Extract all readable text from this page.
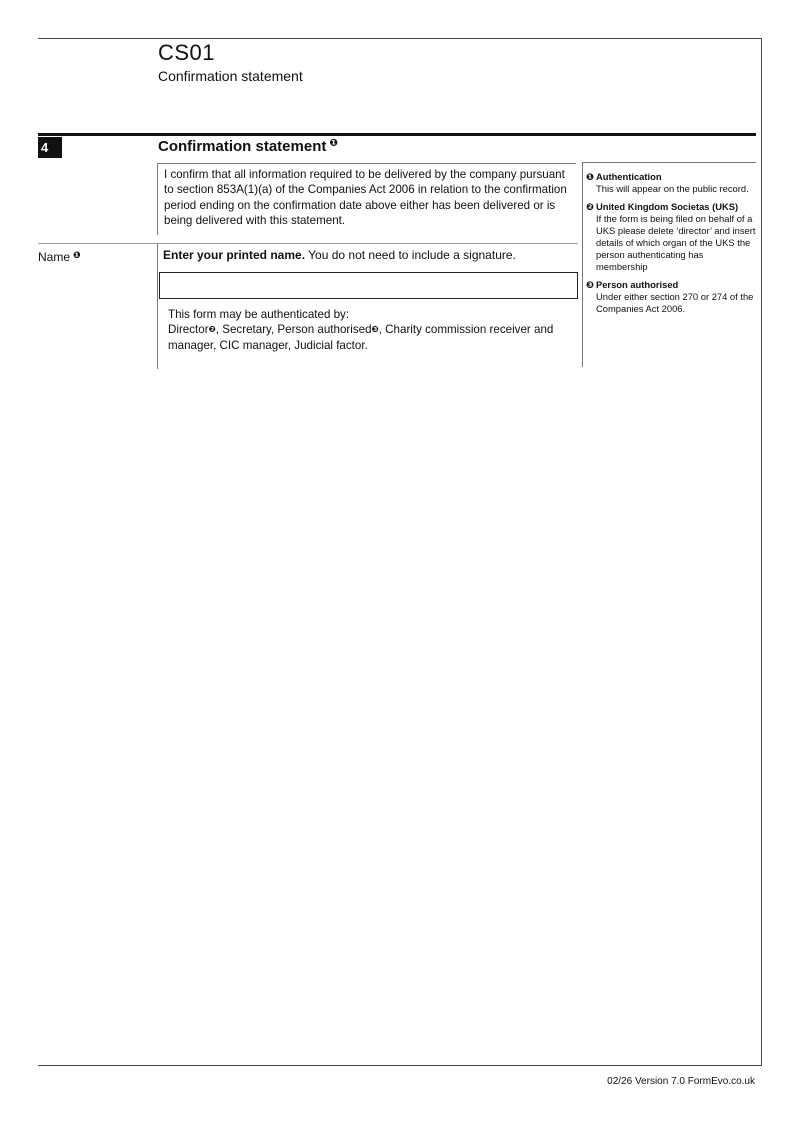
CS01
Confirmation statement
4	Confirmation statement $^❶$
I confirm that all information required to be delivered by the company pursuant to section 853A(1)(a) of the Companies Act 2006 in relation to the confirmation period ending on the confirmation date above either has been delivered or is being delivered with this statement.
Name $^❶$	Enter your printed name. You do not need to include a signature.
This form may be authenticated by:
Director$^❷$, Secretary, Person authorised$^❸$, Charity commission receiver and manager, CIC manager, Judicial factor.
❶ Authentication
This will appear on the public record.
❷ United Kingdom Societas (UKS)
If the form is being filed on behalf of a UKS please delete ‘director’ and insert details of which organ of the UKS the person authenticating has membership
❸ Person authorised
Under either section 270 or 274 of the Companies Act 2006.
02/26 Version 7.0 FormEvo.co.uk
